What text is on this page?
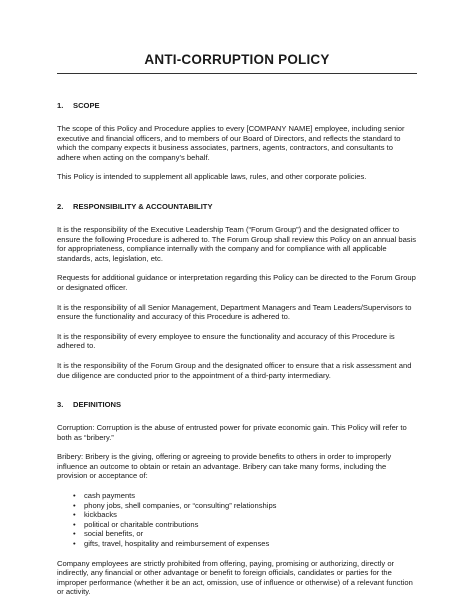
ANTI-CORRUPTION POLICY
1.	SCOPE

The scope of this Policy and Procedure applies to every [COMPANY NAME] employee, including senior executive and financial officers, and to members of our Board of Directors, and reflects the standard to which the company expects it business associates, partners, agents, contractors, and consultants to adhere when acting on the company’s behalf.

This Policy is intended to supplement all applicable laws, rules, and other corporate policies.

2.	RESPONSIBILITY & ACCOUNTABILITY

It is the responsibility of the Executive Leadership Team (“Forum Group”) and the designated officer to ensure the following Procedure is adhered to. The Forum Group shall review this Policy on an annual basis for appropriateness, compliance internally with the company and for compliance with all applicable standards, acts, legislation, etc.

Requests for additional guidance or interpretation regarding this Policy can be directed to the Forum Group or designated officer.

It is the responsibility of all Senior Management, Department Managers and Team Leaders/Supervisors to ensure the functionality and accuracy of this Procedure is adhered to.

It is the responsibility of every employee to ensure the functionality and accuracy of this Procedure is adhered to.

It is the responsibility of the Forum Group and the designated officer to ensure that a risk assessment and due diligence are conducted prior to the appointment of a third-party intermediary.

3.	DEFINITIONS

Corruption: Corruption is the abuse of entrusted power for private economic gain. This Policy will refer to both as “bribery.”

Bribery: Bribery is the giving, offering or agreeing to provide benefits to others in order to improperly influence an outcome to obtain or retain an advantage. Bribery can take many forms, including the provision or acceptance of:

• cash payments
• phony jobs, shell companies, or “consulting” relationships
• kickbacks
• political or charitable contributions
• social benefits, or
• gifts, travel, hospitality and reimbursement of expenses

Company employees are strictly prohibited from offering, paying, promising or authorizing, directly or indirectly, any financial or other advantage or benefit to foreign officials, candidates or parties for the improper performance (whether it be an act, omission, use of influence or otherwise) of a relevant function or activity.
